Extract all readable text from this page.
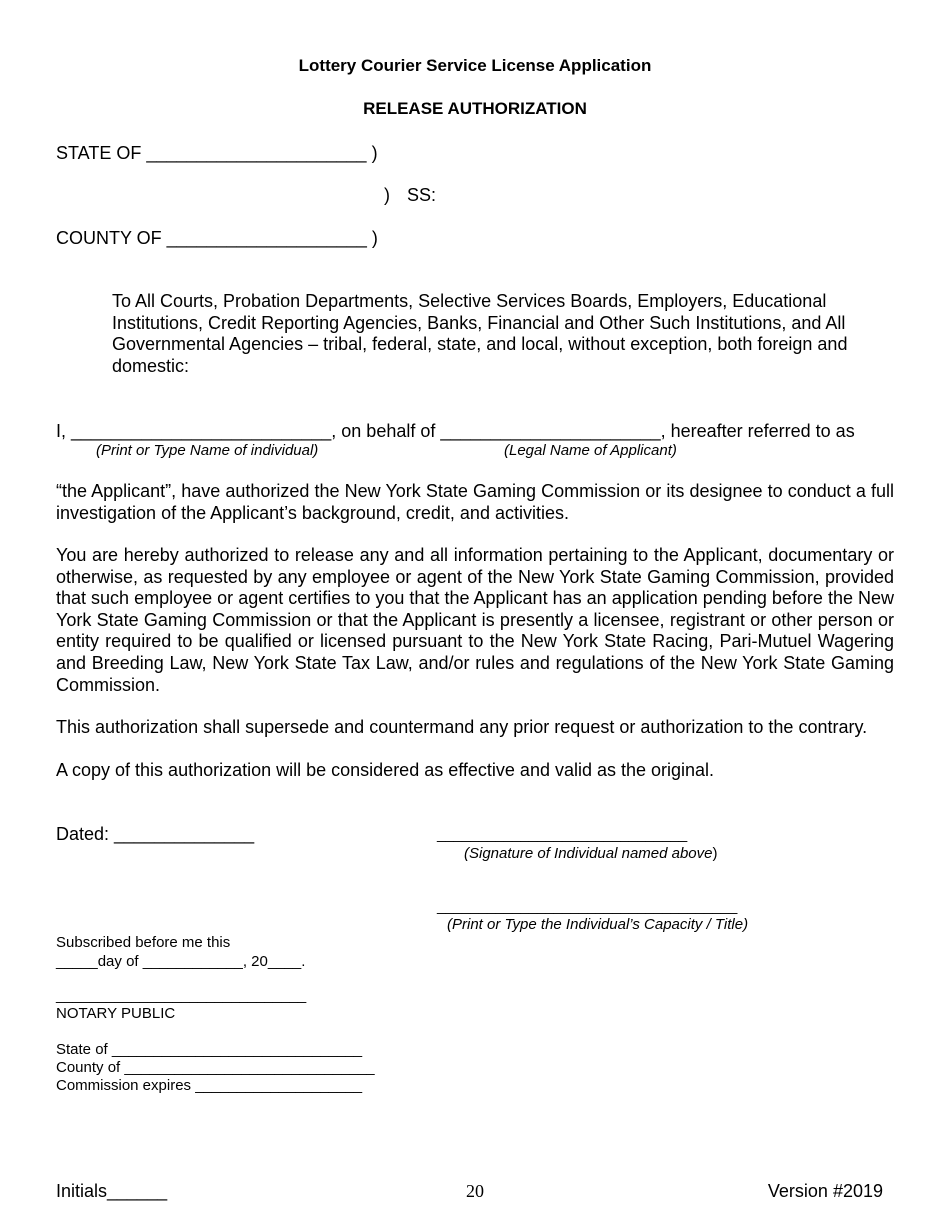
Lottery Courier Service License Application
RELEASE AUTHORIZATION
STATE OF ______________________ )
) SS:
COUNTY OF ____________________ )
To All Courts, Probation Departments, Selective Services Boards, Employers, Educational Institutions, Credit Reporting Agencies, Banks, Financial and Other Such Institutions, and All Governmental Agencies – tribal, federal, state, and local, without exception, both foreign and domestic:
I, __________________________, on behalf of ______________________, hereafter referred to as
(Print or Type Name of individual)	(Legal Name of Applicant)
“the Applicant”, have authorized the New York State Gaming Commission or its designee to conduct a full investigation of the Applicant’s background, credit, and activities.
You are hereby authorized to release any and all information pertaining to the Applicant, documentary or otherwise, as requested by any employee or agent of the New York State Gaming Commission, provided that such employee or agent certifies to you that the Applicant has an application pending before the New York State Gaming Commission or that the Applicant is presently a licensee, registrant or other person or entity required to be qualified or licensed pursuant to the New York State Racing, Pari-Mutuel Wagering and Breeding Law, New York State Tax Law, and/or rules and regulations of the New York State Gaming Commission.
This authorization shall supersede and countermand any prior request or authorization to the contrary.
A copy of this authorization will be considered as effective and valid as the original.
Dated: ______________	______________________________
(Signature of Individual named above)
____________________________________
(Print or Type the Individual’s Capacity / Title)
Subscribed before me this
_____day of ____________, 20____.
______________________________
NOTARY PUBLIC
State of ______________________________
County of ______________________________
Commission expires ____________________
Initials______	20	Version #2019
